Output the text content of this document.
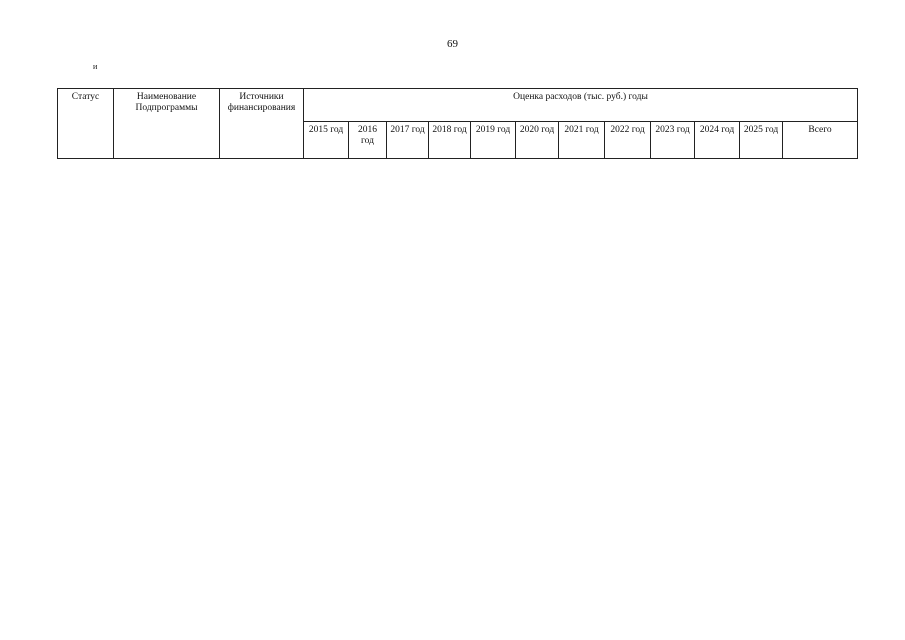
69
и
Статус	Наименование Подпрограммы	Источники финансирования	Оценка расходов (тыс. руб.) годы											
			2015 год	2016 год	2017 год	2018 год	2019 год	2020 год	2021 год	2022 год	2023 год	2024 год	2025 год	Всего
